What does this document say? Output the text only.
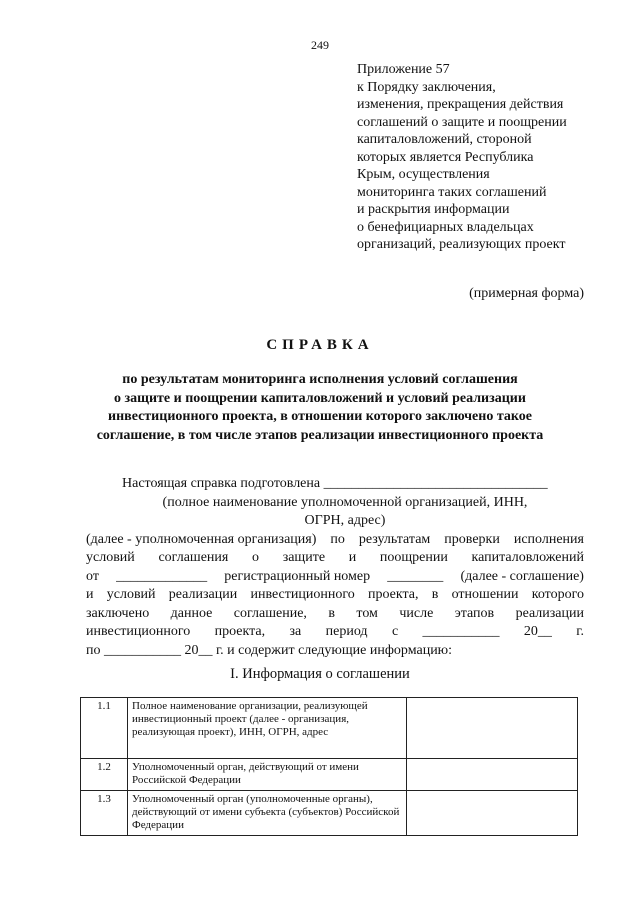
249
Приложение 57
к Порядку заключения,
изменения, прекращения действия
соглашений о защите и поощрении
капиталовложений, стороной
которых является Республика
Крым, осуществления
мониторинга таких соглашений
и раскрытия информации
о бенефициарных владельцах
организаций, реализующих проект
(примерная форма)
СПРАВКА
по результатам мониторинга исполнения условий соглашения
о защите и поощрении капиталовложений и условий реализации
инвестиционного проекта, в отношении которого заключено такое
соглашение, в том числе этапов реализации инвестиционного проекта
Настоящая справка подготовлена ________________________________
(полное наименование уполномоченной организацией, ИНН,
ОГРН, адрес)
(далее - уполномоченная организация) по результатам проверки исполнения
условий соглашения о защите и поощрении капиталовложений
от _____________ регистрационный номер ________ (далее - соглашение)
и условий реализации инвестиционного проекта, в отношении которого
заключено данное соглашение, в том числе этапов реализации
инвестиционного проекта, за период с ___________ 20__ г.
по ___________ 20__ г. и содержит следующие информацию:
I. Информация о соглашении
1.1	Полное наименование организации, реализующей инвестиционный проект (далее - организация, реализующая проект), ИНН, ОГРН, адрес	
1.2	Уполномоченный орган, действующий от имени Российской Федерации	
1.3	Уполномоченный орган (уполномоченные органы), действующий от имени субъекта (субъектов) Российской Федерации	
